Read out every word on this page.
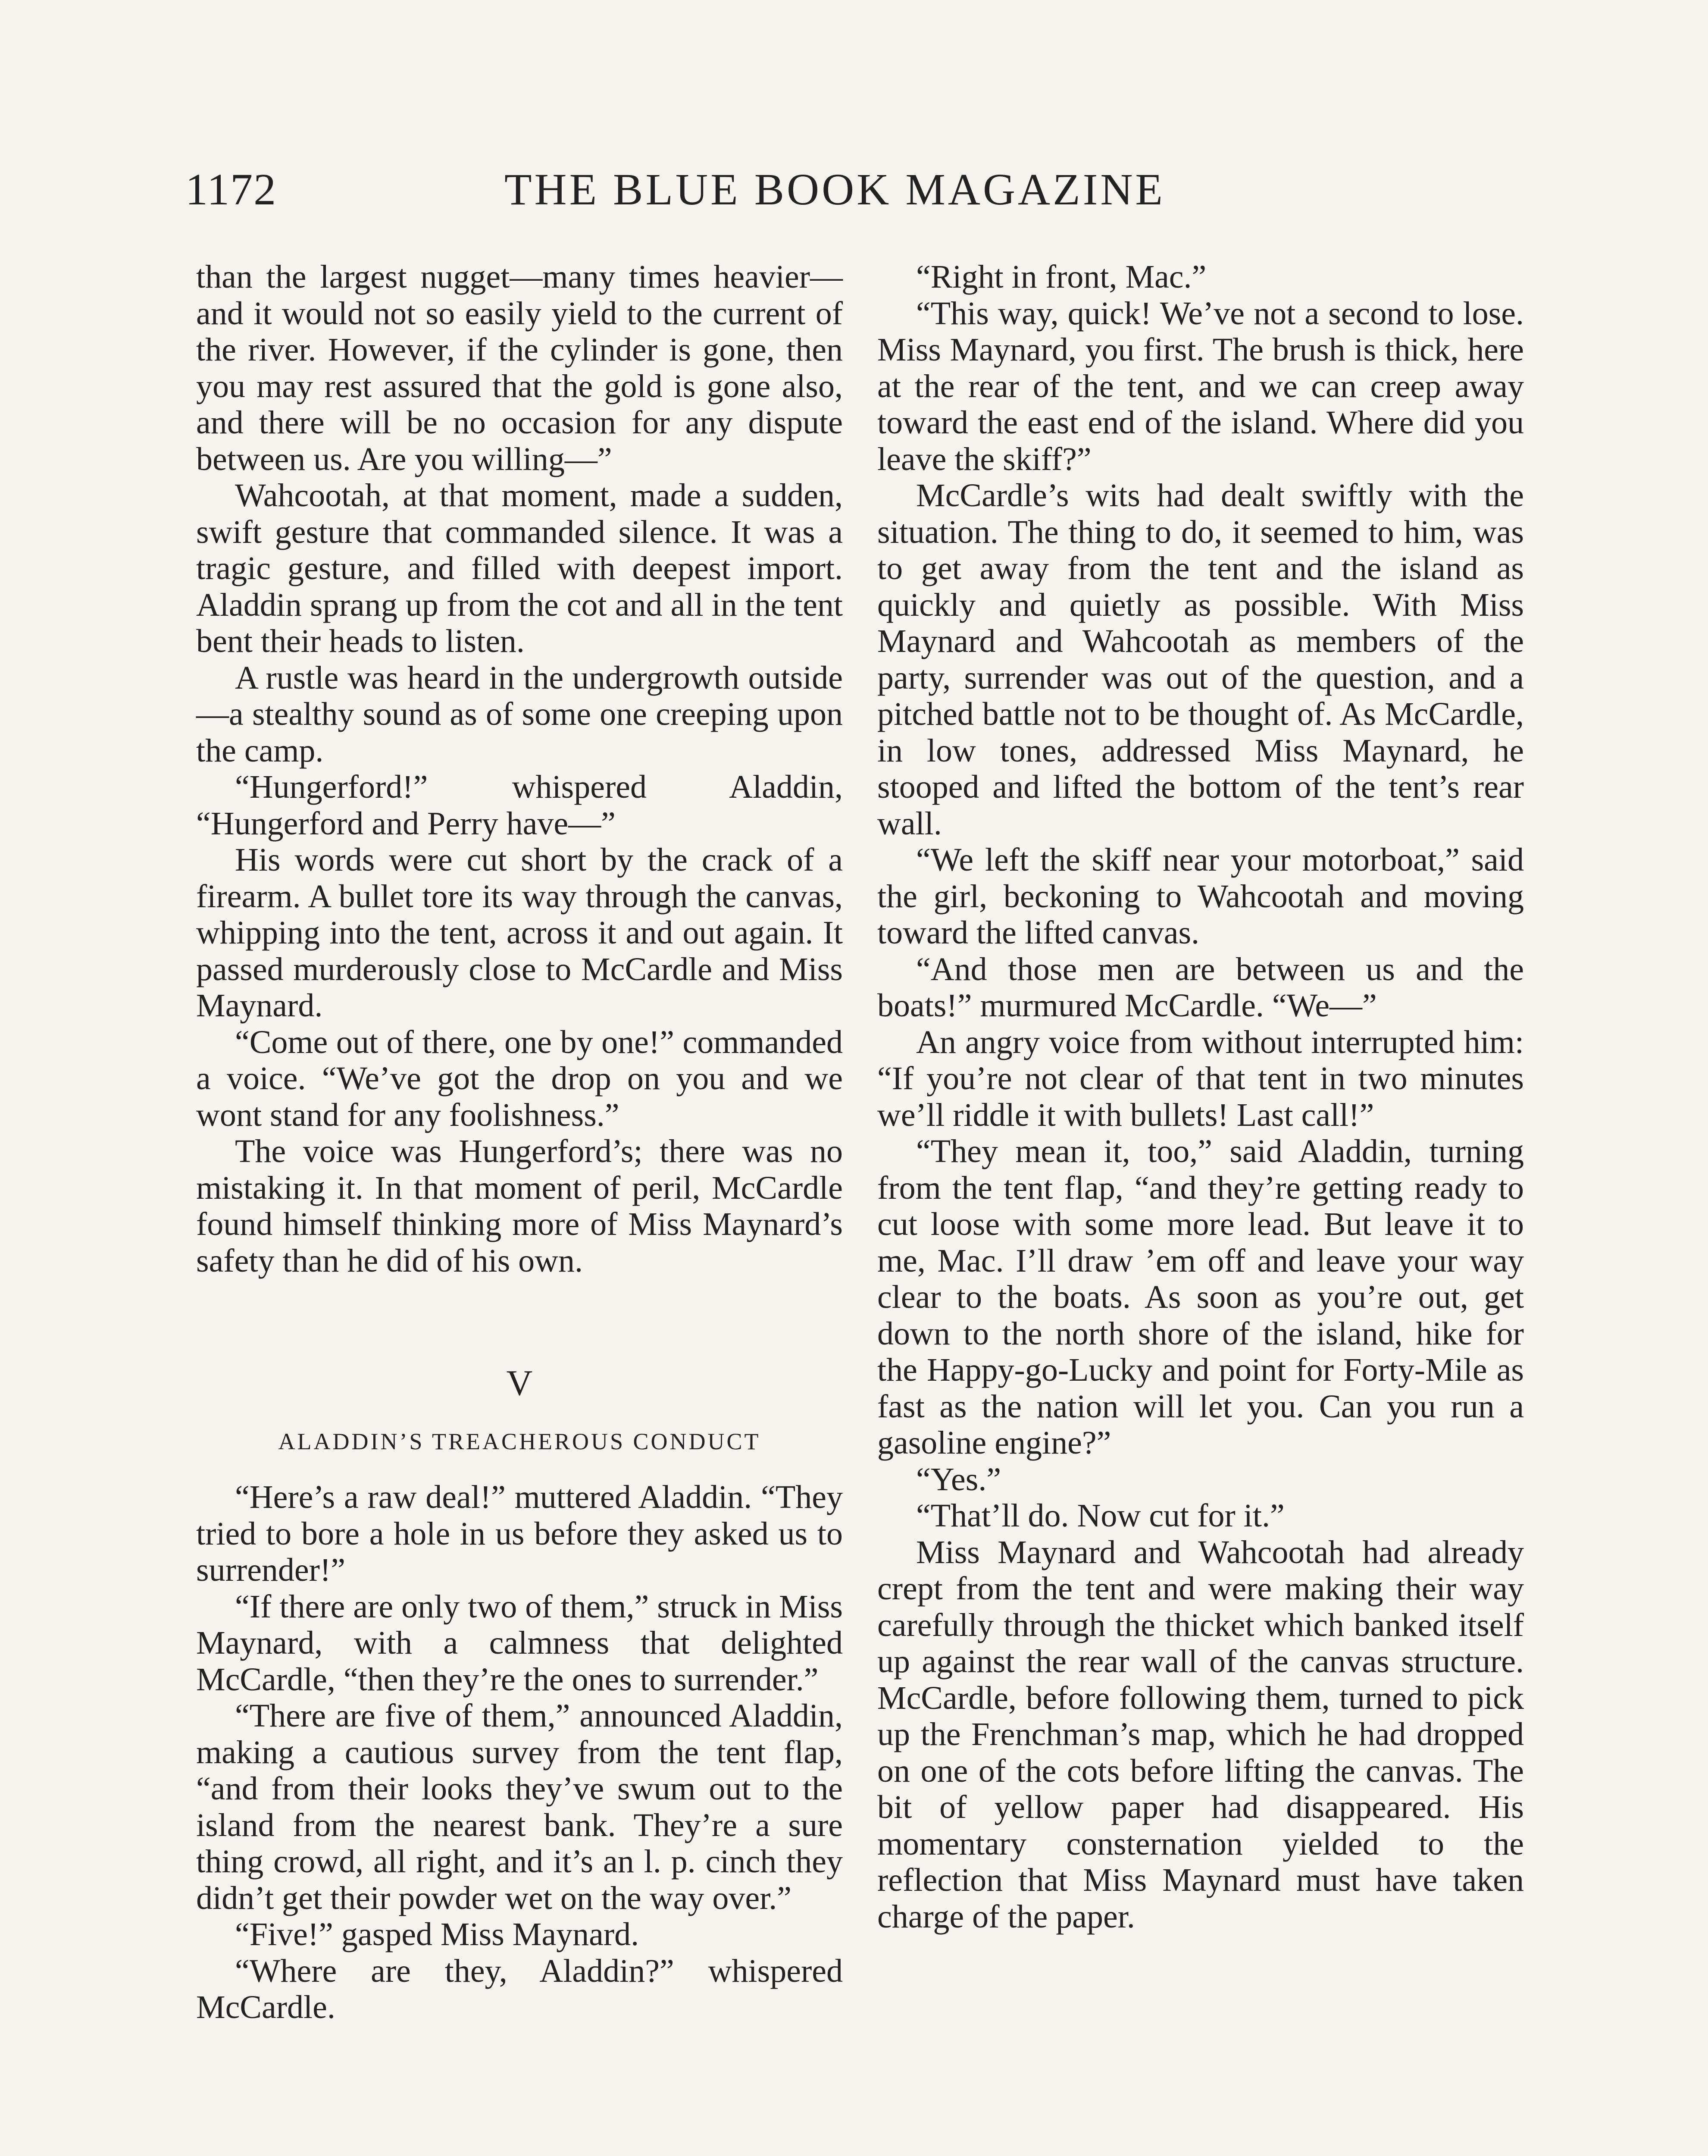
1172	THE BLUE BOOK MAGAZINE

than the largest nugget—many times heavier—and it would not so easily yield to the current of the river. However, if the cylinder is gone, then you may rest assured that the gold is gone also, and there will be no occasion for any dispute between us. Are you willing—”

Wahcootah, at that moment, made a sudden, swift gesture that commanded silence. It was a tragic gesture, and filled with deepest import. Aladdin sprang up from the cot and all in the tent bent their heads to listen.

A rustle was heard in the undergrowth outside—a stealthy sound as of some one creeping upon the camp.

“Hungerford!” whispered Aladdin, “Hungerford and Perry have—”

His words were cut short by the crack of a firearm. A bullet tore its way through the canvas, whipping into the tent, across it and out again. It passed murderously close to McCardle and Miss Maynard.

“Come out of there, one by one!” commanded a voice. “We’ve got the drop on you and we wont stand for any foolishness.”

The voice was Hungerford’s; there was no mistaking it. In that moment of peril, McCardle found himself thinking more of Miss Maynard’s safety than he did of his own.

V

ALADDIN’S TREACHEROUS CONDUCT

“Here’s a raw deal!” muttered Aladdin. “They tried to bore a hole in us before they asked us to surrender!”

“If there are only two of them,” struck in Miss Maynard, with a calmness that delighted McCardle, “then they’re the ones to surrender.”

“There are five of them,” announced Aladdin, making a cautious survey from the tent flap, “and from their looks they’ve swum out to the island from the nearest bank. They’re a sure thing crowd, all right, and it’s an l. p. cinch they didn’t get their powder wet on the way over.”

“Five!” gasped Miss Maynard.

“Where are they, Aladdin?” whispered McCardle.

“Right in front, Mac.”

“This way, quick! We’ve not a second to lose. Miss Maynard, you first. The brush is thick, here at the rear of the tent, and we can creep away toward the east end of the island. Where did you leave the skiff?”

McCardle’s wits had dealt swiftly with the situation. The thing to do, it seemed to him, was to get away from the tent and the island as quickly and quietly as possible. With Miss Maynard and Wahcootah as members of the party, surrender was out of the question, and a pitched battle not to be thought of. As McCardle, in low tones, addressed Miss Maynard, he stooped and lifted the bottom of the tent’s rear wall.

“We left the skiff near your motorboat,” said the girl, beckoning to Wahcootah and moving toward the lifted canvas.

“And those men are between us and the boats!” murmured McCardle. “We—”

An angry voice from without interrupted him: “If you’re not clear of that tent in two minutes we’ll riddle it with bullets! Last call!”

“They mean it, too,” said Aladdin, turning from the tent flap, “and they’re getting ready to cut loose with some more lead. But leave it to me, Mac. I’ll draw ’em off and leave your way clear to the boats. As soon as you’re out, get down to the north shore of the island, hike for the Happy-go-Lucky and point for Forty-Mile as fast as the nation will let you. Can you run a gasoline engine?”

“Yes.”

“That’ll do. Now cut for it.”

Miss Maynard and Wahcootah had already crept from the tent and were making their way carefully through the thicket which banked itself up against the rear wall of the canvas structure. McCardle, before following them, turned to pick up the Frenchman’s map, which he had dropped on one of the cots before lifting the canvas. The bit of yellow paper had disappeared. His momentary consternation yielded to the reflection that Miss Maynard must have taken charge of the paper.
